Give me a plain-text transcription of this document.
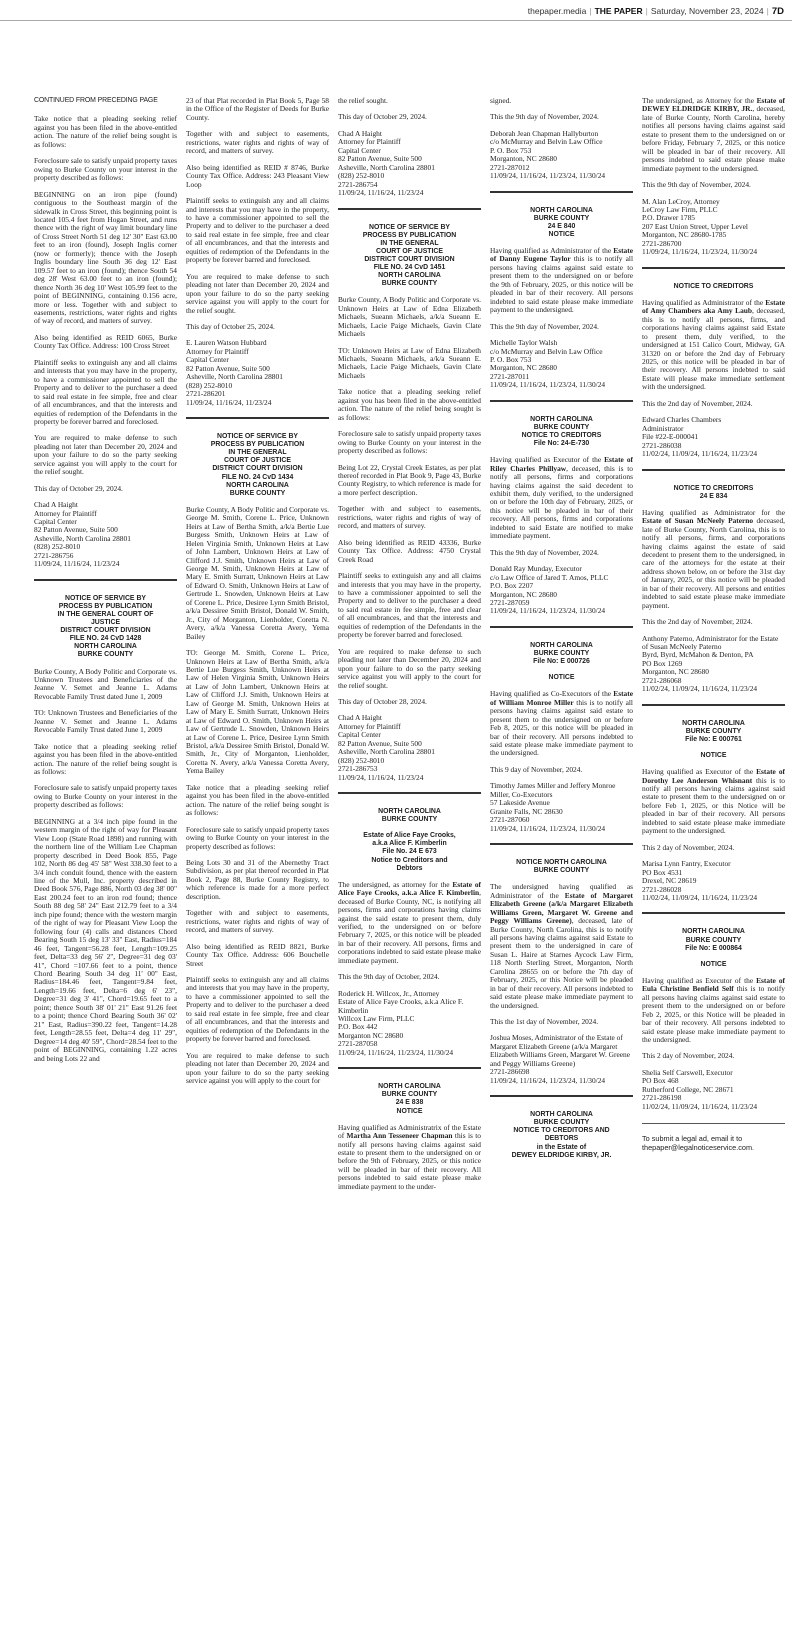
thepaper.media | THE PAPER | Saturday, November 23, 2024 | 7D

CONTINUED FROM PRECEDING PAGE

Take notice that a pleading seeking relief against you has been filed in the above-entitled action. The nature of the relief being sought is as follows:

Foreclosure sale to satisfy unpaid property taxes owing to Burke County on your interest in the property described as follows:

BEGINNING on an iron pipe (found) contiguous to the Southeast margin of the sidewalk in Cross Street, this beginning point is located 105.4 feet from Hogan Street, and runs thence with the right of way limit boundary line of Cross Street North 51 deg 12' 30" East 63.00 feet to an iron (found), Joseph Inglis corner (now or formerly); thence with the Joseph Inglis boundary line South 36 deg 12' East 109.57 feet to an iron (found); thence South 54 deg 28' West 63.00 feet to an iron (found); thence North 36 deg 10' West 105.99 feet to the point of BEGINNING, containing 0.156 acre, more or less. Together with and subject to easements, restrictions, water rights and rights of way of record, and matters of survey.

Also being identified as REID 6065, Burke County Tax Office. Address: 100 Cross Street

Plaintiff seeks to extinguish any and all claims and interests that you may have in the property, to have a commissioner appointed to sell the Property and to deliver to the purchaser a deed to said real estate in fee simple, free and clear of all encumbrances, and that the interests and equities of redemption of the Defendants in the property be forever barred and foreclosed.

You are required to make defense to such pleading not later than December 20, 2024 and upon your failure to do so the party seeking service against you will apply to the court for the relief sought.

This day of October 29, 2024.

Chad A Haight
Attorney for Plaintiff
Capital Center
82 Patton Avenue, Suite 500
Asheville, North Carolina 28801
(828) 252-8010
2721-286756
11/09/24, 11/16/24, 11/23/24
NOTICE OF SERVICE BY
PROCESS BY PUBLICATION
IN THE GENERAL COURT OF
JUSTICE
DISTRICT COURT DIVISION
FILE NO. 24 CvD 1428
NORTH CAROLINA
BURKE COUNTY

Burke County, A Body Politic and Corporate vs. Unknown Trustees and Beneficiaries of the Jeanne V. Semet and Jeanne L. Adams Revocable Family Trust dated June 1, 2009

TO: Unknown Trustees and Beneficiaries of the Jeanne V. Semet and Jeanne L. Adams Revocable Family Trust dated June 1, 2009

Take notice that a pleading seeking relief against you has been filed in the above-entitled action. The nature of the relief being sought is as follows:

Foreclosure sale to satisfy unpaid property taxes owing to Burke County on your interest in the property described as follows:

BEGINNING at a 3/4 inch pipe found in the western margin of the right of way for Pleasant View Loop (State Road 1898) and running with the northern line of the William Lee Chapman property described in Deed Book 855, Page 102, North 86 deg 45' 58" West 338.30 feet to a 3/4 inch conduit found, thence with the eastern line of the Mull, Inc. property described in Deed Book 576, Page 886, North 03 deg 38' 00" East 200.24 feet to an iron rod found; thence South 88 deg 58' 24" East 212.79 feet to a 3/4 inch pipe found; thence with the western margin of the right of way for Pleasant View Loop the following four (4) calls and distances Chord Bearing South 15 deg 13' 33" East, Radius=184 46 feet, Tangent=56.28 feet, Length=109.25 feet, Delta=33 deg 56' 2", Degree=31 deg 03' 41", Chord =107.66 feet to a point, thence Chord Bearing South 34 deg 11' 00" East, Radius=184.46 feet, Tangent=9.84 feet, Length=19.66 feet, Delta=6 deg 6' 23", Degree=31 deg 3' 41", Chord=19.65 feet to a point; thence South 38' 01' 21" East 91.26 feet to a point; thence Chord Bearing South 36' 02' 21" East, Radius=390.22 feet, Tangent=14.28 feet, Length=28.55 feet, Delta=4 deg 11' 29", Degree=14 deg 40' 59", Chord=28.54 feet to the point of BEGINNING, containing 1.22 acres and being Lots 22 and

23 of that Plat recorded in Plat Book 5, Page 58 in the Office of the Register of Deeds for Burke County.

Together with and subject to easements, restrictions, water rights and rights of way of record, and matters of survey.

Also being identified as REID # 8746, Burke County Tax Office. Address: 243 Pleasant View Loop

Plaintiff seeks to extinguish any and all claims and interests that you may have in the property, to have a commissioner appointed to sell the Property and to deliver to the purchaser a deed to said real estate in fee simple, free and clear of all encumbrances, and that the interests and equities of redemption of the Defendants in the property be forever barred and foreclosed.

You are required to make defense to such pleading not later than December 20, 2024 and upon your failure to do so the party seeking service against you will apply to the court for the relief sought.

This day of October 25, 2024.

E. Lauren Watson Hubbard
Attorney for Plaintiff
Capital Center
82 Patton Avenue, Suite 500
Asheville, North Carolina 28801
(828) 252-8010
2721-286201
11/09/24, 11/16/24, 11/23/24
NOTICE OF SERVICE BY
PROCESS BY PUBLICATION
IN THE GENERAL
COURT OF JUSTICE
DISTRICT COURT DIVISION
FILE NO. 24 CvD 1434
NORTH CAROLINA
BURKE COUNTY

Burke County, A Body Politic and Corporate vs. George M. Smith, Corene L. Price, Unknown Heirs at Law of Bertha Smith, a/k/a Bertie Lue Burgess Smith, Unknown Heirs at Law of Helen Virginia Smith, Unknown Heirs at Law of John Lambert, Unknown Heirs at Law of Clifford J.J. Smith, Unknown Heirs at Law of George M. Smith, Unknown Heirs at Law of Mary E. Smith Surratt, Unknown Heirs at Law of Edward O. Smith, Unknown Heirs at Law of Gertrude L. Snowden, Unknown Heirs at Law of Corene L. Price, Desiree Lynn Smith Bristol, a/k/a Dessiree Smith Bristol, Donald W. Smith, Jr., City of Morganton, Lienholder, Coretta N. Avery, a/k/a Vanessa Coretta Avery, Yema Bailey

TO: George M. Smith, Corene L. Price, Unknown Heirs at Law of Bertha Smith, a/k/a Bertie Lue Burgess Smith, Unknown Heirs at Law of Helen Virginia Smith, Unknown Heirs at Law of John Lambert, Unknown Heirs at Law of Clifford J.J. Smith, Unknown Heirs at Law of George M. Smith, Unknown Heirs at Law of Mary E. Smith Surratt, Unknown Heirs at Law of Edward O. Smith, Unknown Heirs at Law of Gertrude L. Snowden, Unknown Heirs at Law of Corene L. Price, Desiree Lynn Smith Bristol, a/k/a Dessiree Smith Bristol, Donald W. Smith, Jr., City of Morganton, Lienholder, Coretta N. Avery, a/k/a Vanessa Coretta Avery, Yema Bailey

Take notice that a pleading seeking relief against you has been filed in the above-entitled action. The nature of the relief being sought is as follows:

Foreclosure sale to satisfy unpaid property taxes owing to Burke County on your interest in the property described as follows:

Being Lots 30 and 31 of the Abernethy Tract Subdivision, as per plat thereof recorded in Plat Book 2, Page 88, Burke County Registry, to which reference is made for a more perfect description.

Together with and subject to easements, restrictions, water rights and rights of way of record, and matters of survey.

Also being identified as REID 8821, Burke County Tax Office. Address: 606 Bouchelle Street

Plaintiff seeks to extinguish any and all claims and interests that you may have in the property, to have a commissioner appointed to sell the Property and to deliver to the purchaser a deed to said real estate in fee simple, free and clear of all encumbrances, and that the interests and equities of redemption of the Defendants in the property be forever barred and foreclosed.

You are required to make defense to such pleading not later than December 20, 2024 and upon your failure to do so the party seeking service against you will apply to the court for

the relief sought.

This day of October 29, 2024.

Chad A Haight
Attorney for Plaintiff
Capital Center
82 Patton Avenue, Suite 500
Asheville, North Carolina 28801
(828) 252-8010
2721-286754
11/09/24, 11/16/24, 11/23/24
NOTICE OF SERVICE BY
PROCESS BY PUBLICATION
IN THE GENERAL
COURT OF JUSTICE
DISTRICT COURT DIVISION
FILE NO. 24 CvD 1451
NORTH CAROLINA
BURKE COUNTY

Burke County, A Body Politic and Corporate vs. Unknown Heirs at Law of Edna Elizabeth Michaels, Sueann Michaels, a/k/a Sueann E. Michaels, Lacie Paige Michaels, Gavin Clate Michaels

TO: Unknown Heirs at Law of Edna Elizabeth Michaels, Sueann Michaels, a/k/a Sueann E. Michaels, Lacie Paige Michaels, Gavin Clate Michaels

Take notice that a pleading seeking relief against you has been filed in the above-entitled action. The nature of the relief being sought is as follows:

Foreclosure sale to satisfy unpaid property taxes owing to Burke County on your interest in the property described as follows:

Being Lot 22, Crystal Creek Estates, as per plat thereof recorded in Plat Book 9, Page 43, Burke County Registry, to which reference is made for a more perfect description.

Together with and subject to easements, restrictions, water rights and rights of way of record, and matters of survey.

Also being identified as REID 43336, Burke County Tax Office. Address: 4750 Crystal Creek Road

Plaintiff seeks to extinguish any and all claims and interests that you may have in the property, to have a commissioner appointed to sell the Property and to deliver to the purchaser a deed to said real estate in fee simple, free and clear of all encumbrances, and that the interests and equities of redemption of the Defendants in the property be forever barred and foreclosed.

You are required to make defense to such pleading not later than December 20, 2024 and upon your failure to do so the party seeking service against you will apply to the court for the relief sought.

This day of October 28, 2024.

Chad A Haight
Attorney for Plaintiff
Capital Center
82 Patton Avenue, Suite 500
Asheville, North Carolina 28801
(828) 252-8010
2721-286753
11/09/24, 11/16/24, 11/23/24
NORTH CAROLINA
BURKE COUNTY
Estate of Alice Faye Crooks,
a.k.a Alice F. Kimberlin
File No. 24 E 673
Notice to Creditors and
Debtors

The undersigned, as attorney for the Estate of Alice Faye Crooks, a.k.a Alice F. Kimberlin, deceased of Burke County, NC, is notifying all persons, firms and corporations having claims against the said estate to present them, duly verified, to the undersigned on or before February 7, 2025, or this notice will be pleaded in bar of their recovery. All persons, firms and corporations indebted to said estate please make immediate payment.

This the 9th day of October, 2024.

Roderick H. Willcox, Jr., Attorney
Estate of Alice Faye Crooks, a.k.a Alice F. Kimberlin
Willcox Law Firm, PLLC
P.O. Box 442
Morganton NC 28680
2721-287058
11/09/24, 11/16/24, 11/23/24, 11/30/24
NORTH CAROLINA
BURKE COUNTY
24 E 838
NOTICE

Having qualified as Administratrix of the Estate of Martha Ann Tesseneer Chapman this is to notify all persons having claims against said estate to present them to the undersigned on or before the 9th of February, 2025, or this notice will be pleaded in bar of their recovery. All persons indebted to said estate please make immediate payment to the under-

signed.

This the 9th day of November, 2024.

Deborah Jean Chapman Hallyburton
c/o McMurray and Belvin Law Office
P. O. Box 753
Morganton, NC 28680
2721-287012
11/09/24, 11/16/24, 11/23/24, 11/30/24
NORTH CAROLINA
BURKE COUNTY
24 E 840
NOTICE

Having qualified as Administrator of the Estate of Danny Eugene Taylor this is to notify all persons having claims against said estate to present them to the undersigned on or before the 9th of February, 2025, or this notice will be pleaded in bar of their recovery. All persons indebted to said estate please make immediate payment to the undersigned.

This the 9th day of November, 2024.

Michelle Taylor Walsh
c/o McMurray and Belvin Law Office
P. O. Box 753
Morganton, NC 28680
2721-287011
11/09/24, 11/16/24, 11/23/24, 11/30/24
NORTH CAROLINA
BURKE COUNTY
NOTICE TO CREDITORS
File No: 24-E-730

Having qualified as Executor of the Estate of Riley Charles Phillyaw, deceased, this is to notify all persons, firms and corporations having claims against the said decedent to exhibit them, duly verified, to the undersigned on or before the 10th day of February, 2025, or this notice will be pleaded in bar of their recovery. All persons, firms and corporations indebted to said Estate are notified to make immediate payment.

This the 9th day of November, 2024.

Donald Ray Munday, Executor
c/o Law Office of Jared T. Amos, PLLC
P.O. Box 2207
Morganton, NC 28680
2721-287059
11/09/24, 11/16/24, 11/23/24, 11/30/24
NORTH CAROLINA
BURKE COUNTY
File No: E 000726
NOTICE

Having qualified as Co-Executors of the Estate of William Monroe Miller this is to notify all persons having claims against said estate to present them to the undersigned on or before Feb 8, 2025, or this notice will be pleaded in bar of their recovery. All persons indebted to said estate please make immediate payment to the undersigned.

This 9 day of November, 2024.

Timothy James Miller and Jeffery Monroe Miller, Co-Executors
57 Lakeside Avenue
Granite Falls, NC 28630
2721-287060
11/09/24, 11/16/24, 11/23/24, 11/30/24
NOTICE NORTH CAROLINA
BURKE COUNTY

The undersigned having qualified as Administrator of the Estate of Margaret Elizabeth Greene (a/k/a Margaret Elizabeth Williams Green, Margaret W. Greene and Peggy Williams Greene), deceased, late of Burke County, North Carolina, this is to notify all persons having claims against said Estate to present them to the undersigned in care of Susan L. Haire at Starnes Aycock Law Firm, 118 North Sterling Street, Morganton, North Carolina 28655 on or before the 7th day of February, 2025, or this Notice will be pleaded in bar of their recovery. All persons indebted to said estate please make immediate payment to the undersigned.

This the 1st day of November, 2024.

Joshua Moses, Administrator of the Estate of Margaret Elizabeth Greene (a/k/a Margaret Elizabeth Williams Green, Margaret W. Greene and Peggy Williams Greene)
2721-286698
11/09/24, 11/16/24, 11/23/24, 11/30/24
NORTH CAROLINA
BURKE COUNTY
NOTICE TO CREDITORS AND
DEBTORS
in the Estate of
DEWEY ELDRIDGE KIRBY, JR.

The undersigned, as Attorney for the Estate of DEWEY ELDRIDGE KIRBY, JR., deceased, late of Burke County, North Carolina, hereby notifies all persons having claims against said estate to present them to the undersigned on or before Friday, February 7, 2025, or this notice will be pleaded in bar of their recovery. All persons indebted to said estate please make immediate payment to the undersigned.

This the 9th day of November, 2024.

M. Alan LeCroy, Attorney
LeCroy Law Firm, PLLC
P.O. Drawer 1785
207 East Union Street, Upper Level
Morganton, NC 28680-1785
2721-286700
11/09/24, 11/16/24, 11/23/24, 11/30/24
NOTICE TO CREDITORS

Having qualified as Administrator of the Estate of Amy Chambers aka Amy Laub, deceased, this is to notify all persons, firms, and corporations having claims against said Estate to present them, duly verified, to the undersigned at 151 Calico Court, Midway, GA 31320 on or before the 2nd day of February 2025, or this notice will be pleaded in bar of their recovery. All persons indebted to said Estate will please make immediate settlement with the undersigned.

This the 2nd day of November, 2024.

Edward Charles Chambers
Administrator
File #22-E-000041
2721-286038
11/02/24, 11/09/24, 11/16/24, 11/23/24
NOTICE TO CREDITORS
24 E 834

Having qualified as Administrator for the Estate of Susan McNeely Paterno deceased, late of Burke County, North Carolina, this is to notify all persons, firms, and corporations having claims against the estate of said decedent to present them to the undersigned, in care of the attorneys for the estate at their address shown below, on or before the 31st day of January, 2025, or this notice will be pleaded in bar of their recovery. All persons and entities indebted to said estate please make immediate payment.

This the 2nd day of November, 2024.

Anthony Paterno, Administrator for the Estate of Susan McNeely Paterno
Byrd, Byrd, McMahon & Denton, PA
PO Box 1269
Morganton, NC 28680
2721-286068
11/02/24, 11/09/24, 11/16/24, 11/23/24
NORTH CAROLINA
BURKE COUNTY
File No: E 000761
NOTICE

Having qualified as Executor of the Estate of Dorothy Lee Anderson Whisnant this is to notify all persons having claims against said estate to present them to the undersigned on or before Feb 1, 2025, or this Notice will be pleaded in bar of their recovery. All persons indebted to said estate please make immediate payment to the undersigned.

This 2 day of November, 2024.

Marisa Lynn Fantry, Executor
PO Box 4531
Drexel, NC 28619
2721-286028
11/02/24, 11/09/24, 11/16/24, 11/23/24
NORTH CAROLINA
BURKE COUNTY
File No: E 000864
NOTICE

Having qualified as Executor of the Estate of Eula Christine Benfield Self this is to notify all persons having claims against said estate to present them to the undersigned on or before Feb 2, 2025, or this Notice will be pleaded in bar of their recovery. All persons indebted to said estate please make immediate payment to the undersigned.

This 2 day of November, 2024.

Shelia Self Carswell, Executor
PO Box 468
Rutherford College, NC 28671
2721-286198
11/02/24, 11/09/24, 11/16/24, 11/23/24
To submit a legal ad, email it to thepaper@legalnoticeservice.com.
